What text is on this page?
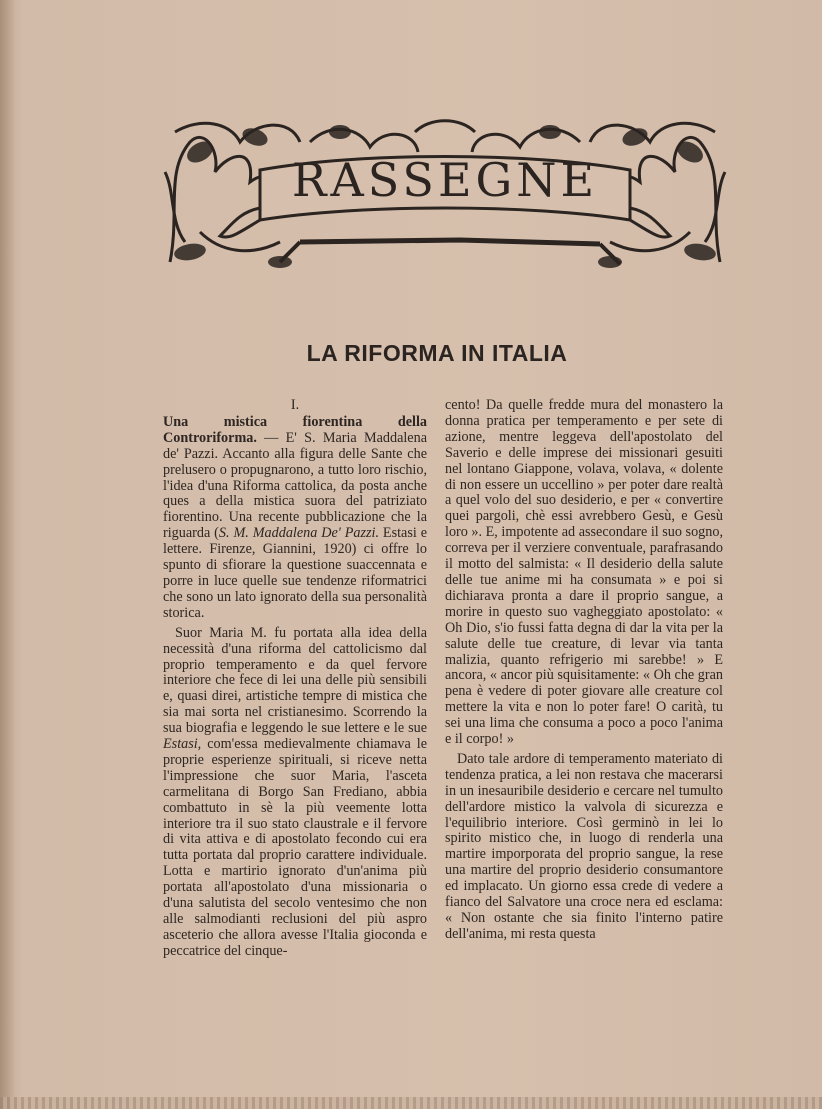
RASSEGNE
LA RIFORMA IN ITALIA
I.

Una mistica fiorentina della Controriforma. — E' S. Maria Maddalena de' Pazzi. Accanto alla figura delle Sante che prelusero o propugnarono, a tutto loro rischio, l'idea d'una Riforma cattolica, da posta anche ques a della mistica suora del patriziato fiorentino. Una recente pubblicazione che la riguarda (S. M. Maddalena De' Pazzi. Estasi e lettere. Firenze, Giannini, 1920) ci offre lo spunto di sfiorare la questione suaccennata e porre in luce quelle sue tendenze riformatrici che sono un lato ignorato della sua personalità storica.

Suor Maria M. fu portata alla idea della necessità d'una riforma del cattolicismo dal proprio temperamento e da quel fervore interiore che fece di lei una delle più sensibili e, quasi direi, artistiche tempre di mistica che sia mai sorta nel cristianesimo. Scorrendo la sua biografia e leggendo le sue lettere e le sue Estasi, com'essa medievalmente chiamava le proprie esperienze spirituali, si riceve netta l'impressione che suor Maria, l'asceta carmelitana di Borgo San Frediano, abbia combattuto in sè la più veemente lotta interiore tra il suo stato claustrale e il fervore di vita attiva e di apostolato fecondo cui era tutta portata dal proprio carattere individuale. Lotta e martirio ignorato d'un'anima più portata all'apostolato d'una missionaria o d'una salutista del secolo ventesimo che non alle salmodianti reclusioni del più aspro asceterio che allora avesse l'Italia gioconda e peccatrice del cinque-

cento! Da quelle fredde mura del monastero la donna pratica per temperamento e per sete di azione, mentre leggeva dell'apostolato del Saverio e delle imprese dei missionari gesuiti nel lontano Giappone, volava, volava, « dolente di non essere un uccellino » per poter dare realtà a quel volo del suo desiderio, e per « convertire quei pargoli, chè essi avrebbero Gesù, e Gesù loro ». E, impotente ad assecondare il suo sogno, correva per il verziere conventuale, parafrasando il motto del salmista: « Il desiderio della salute delle tue anime mi ha consumata » e poi si dichiarava pronta a dare il proprio sangue, a morire in questo suo vagheggiato apostolato: « Oh Dio, s'io fussi fatta degna di dar la vita per la salute delle tue creature, di levar via tanta malizia, quanto refrigerio mi sarebbe! » E ancora, « ancor più squisitamente: « Oh che gran pena è vedere di poter giovare alle creature col mettere la vita e non lo poter fare! O carità, tu sei una lima che consuma a poco a poco l'anima e il corpo! »

Dato tale ardore di temperamento materiato di tendenza pratica, a lei non restava che macerarsi in un inesauribile desiderio e cercare nel tumulto dell'ardore mistico la valvola di sicurezza e l'equilibrio interiore. Così germinò in lei lo spirito mistico che, in luogo di renderla una martire imporporata del proprio sangue, la rese una martire del proprio desiderio consumantore ed implacato. Un giorno essa crede di vedere a fianco del Salvatore una croce nera ed esclama: « Non ostante che sia finito l'interno patire dell'anima, mi resta questa
